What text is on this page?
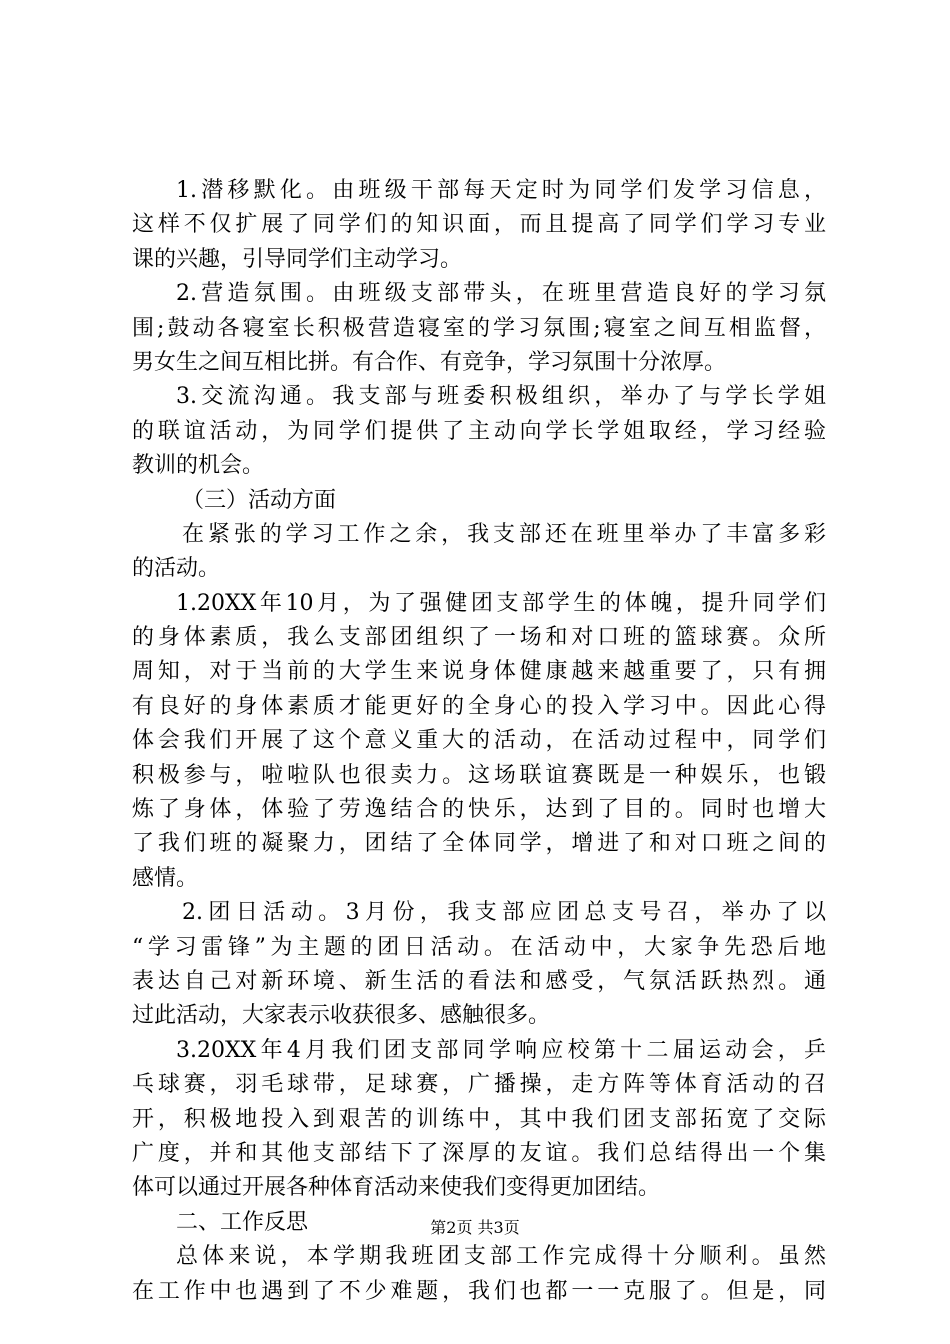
1.潜移默化。由班级干部每天定时为同学们发学习信息，
这样不仅扩展了同学们的知识面，而且提高了同学们学习专业
课的兴趣，引导同学们主动学习。
2.营造氛围。由班级支部带头，在班里营造良好的学习氛
围;鼓动各寝室长积极营造寝室的学习氛围;寝室之间互相监督，
男女生之间互相比拼。有合作、有竞争，学习氛围十分浓厚。
3.交流沟通。我支部与班委积极组织，举办了与学长学姐
的联谊活动，为同学们提供了主动向学长学姐取经，学习经验
教训的机会。
（三）活动方面
在紧张的学习工作之余，我支部还在班里举办了丰富多彩
的活动。
1.20XX年10月，为了强健团支部学生的体魄，提升同学们
的身体素质，我么支部团组织了一场和对口班的篮球赛。众所
周知，对于当前的大学生来说身体健康越来越重要了，只有拥
有良好的身体素质才能更好的全身心的投入学习中。因此心得
体会我们开展了这个意义重大的活动，在活动过程中，同学们
积极参与，啦啦队也很卖力。这场联谊赛既是一种娱乐，也锻
炼了身体，体验了劳逸结合的快乐，达到了目的。同时也增大
了我们班的凝聚力，团结了全体同学，增进了和对口班之间的
感情。
2.团日活动。3月份，我支部应团总支号召，举办了以
“学习雷锋”为主题的团日活动。在活动中，大家争先恐后地
表达自己对新环境、新生活的看法和感受，气氛活跃热烈。通
过此活动，大家表示收获很多、感触很多。
3.20XX年4月我们团支部同学响应校第十二届运动会，乒
乓球赛，羽毛球带，足球赛，广播操，走方阵等体育活动的召
开，积极地投入到艰苦的训练中，其中我们团支部拓宽了交际
广度，并和其他支部结下了深厚的友谊。我们总结得出一个集
体可以通过开展各种体育活动来使我们变得更加团结。
二、工作反思
总体来说，本学期我班团支部工作完成得十分顺利。虽然
在工作中也遇到了不少难题，我们也都一一克服了。但是，同
第2页 共3页
